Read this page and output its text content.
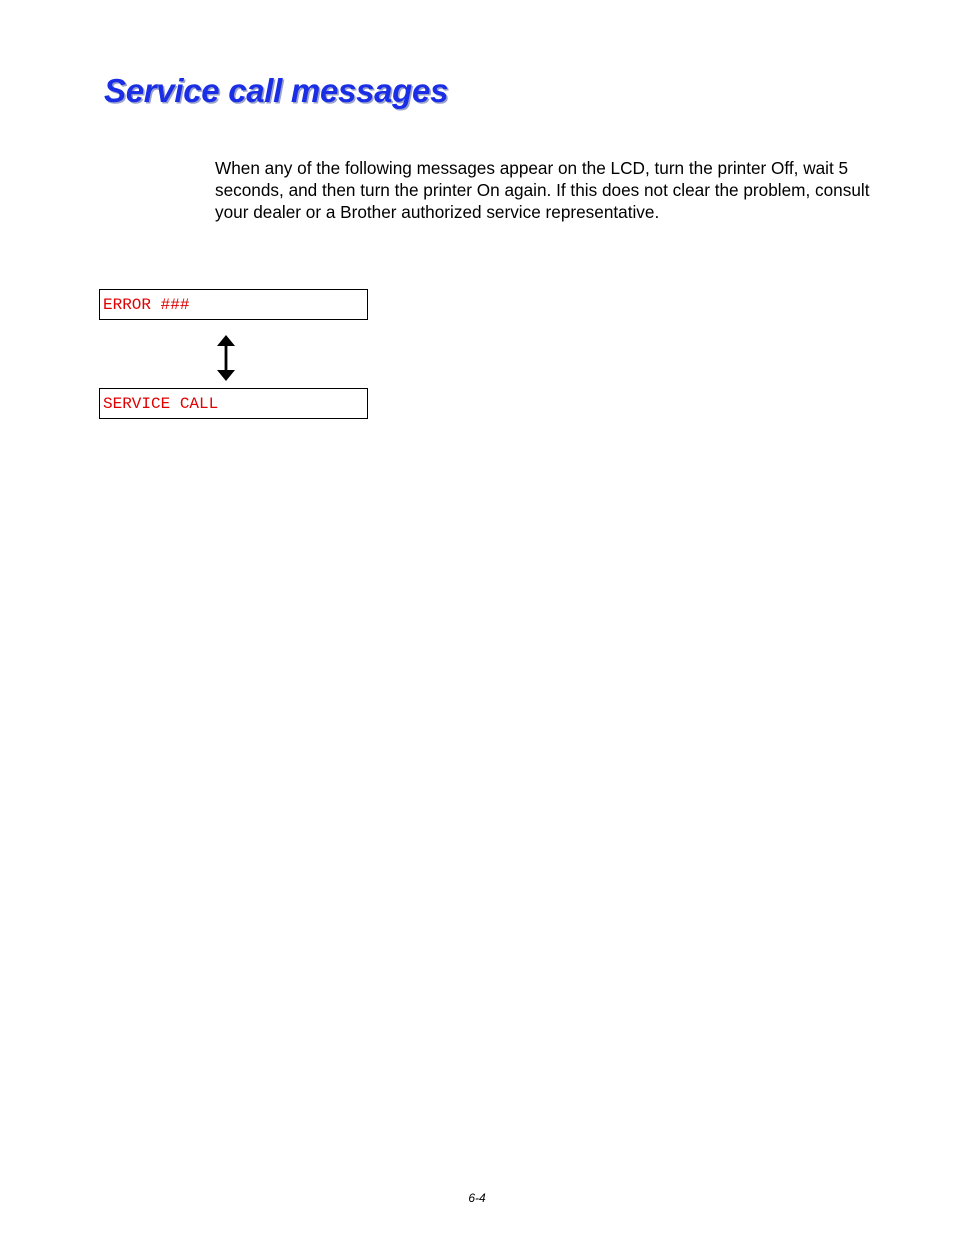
Service call messages

When any of the following messages appear on the LCD, turn the printer Off, wait 5 seconds, and then turn the printer On again. If this does not clear the problem, consult your dealer or a Brother authorized service representative.

ERROR ###
SERVICE CALL
6-4
